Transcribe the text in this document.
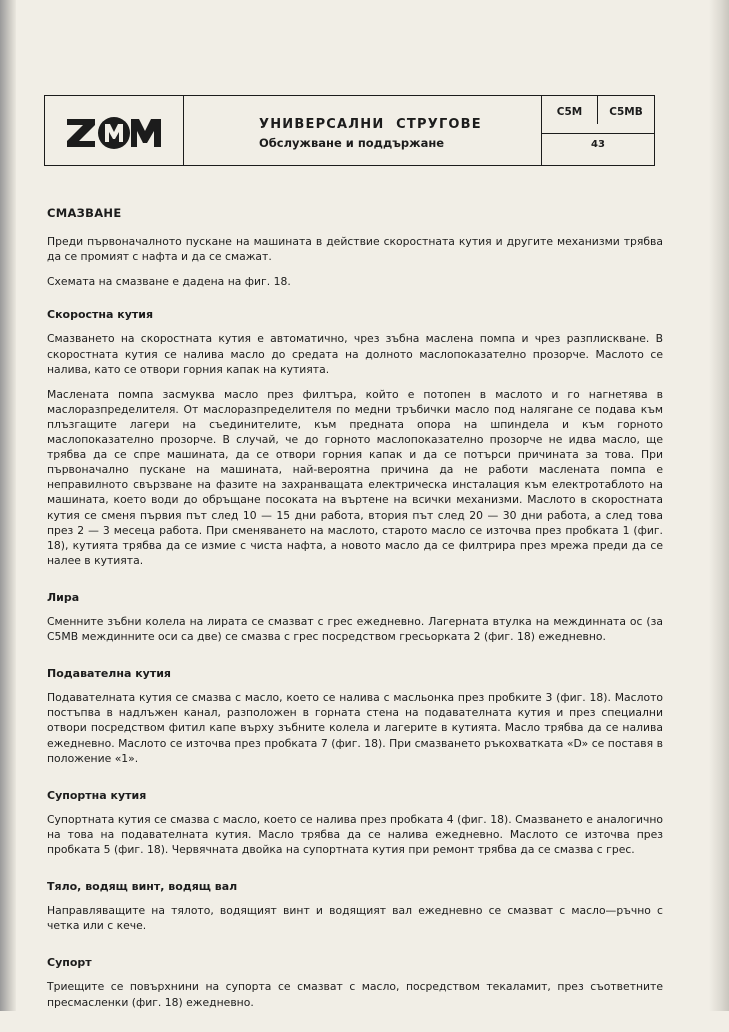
УНИВЕРСАЛНИ СТРУГОВЕ
Обслужване и поддържане
C5M	C5MB
43
СМАЗВАНЕ

Преди първоначалното пускане на машината в действие скоростната кутия и другите механизми трябва да се промият с нафта и да се смажат.

Схемата на смазване е дадена на фиг. 18.

Скоростна кутия

Смазването на скоростната кутия е автоматично, чрез зъбна маслена помпа и чрез разплискване. В скоростната кутия се налива масло до средата на долното маслопоказателно прозорче. Маслото се налива, като се отвори горния капак на кутията.

Маслената помпа засмуква масло през филтъра, който е потопен в маслото и го нагнетява в маслоразпределителя. От маслоразпределителя по медни тръбички масло под налягане се подава към плъзгащите лагери на съединителите, към предната опора на шпиндела и към горното маслопоказателно прозорче. В случай, че до горното маслопоказателно прозорче не идва масло, ще трябва да се спре машината, да се отвори горния капак и да се потърси причината за това. При първоначално пускане на машината, най-вероятна причина да не работи маслената помпа е неправилното свързване на фазите на захранващата електрическа инсталация към електротаблото на машината, което води до обръщане посоката на въртене на всички механизми. Маслото в скоростната кутия се сменя първия път след 10 — 15 дни работа, втория път след 20 — 30 дни работа, а след това през 2 — 3 месеца работа. При сменяването на маслото, старото масло се източва през пробката 1 (фиг. 18), кутията трябва да се измие с чиста нафта, а новото масло да се филтрира през мрежа преди да се налее в кутията.

Лира

Сменните зъбни колела на лирата се смазват с грес ежедневно. Лагерната втулка на междинната ос (за C5MB междинните оси са две) се смазва с грес посредством гресьорката 2 (фиг. 18) ежедневно.

Подавателна кутия

Подавателната кутия се смазва с масло, което се налива с масльонка през пробките 3 (фиг. 18). Маслото постъпва в надлъжен канал, разположен в горната стена на подавателната кутия и през специални отвори посредством фитил капе върху зъбните колела и лагерите в кутията. Масло трябва да се налива ежедневно. Маслото се източва през пробката 7 (фиг. 18). При смазването ръкохватката «D» се поставя в положение «1».

Супортна кутия

Супортната кутия се смазва с масло, което се налива през пробката 4 (фиг. 18). Смазването е аналогично на това на подавателната кутия. Масло трябва да се налива ежедневно. Маслото се източва през пробката 5 (фиг. 18). Червячната двойка на супортната кутия при ремонт трябва да се смазва с грес.

Тяло, водящ винт, водящ вал

Направляващите на тялото, водящият винт и водящият вал ежедневно се смазват с масло—ръчно с четка или с кече.

Супорт

Триещите се повърхнини на супорта се смазват с масло, посредством текаламит, през съответните пресмасленки (фиг. 18) ежедневно.
